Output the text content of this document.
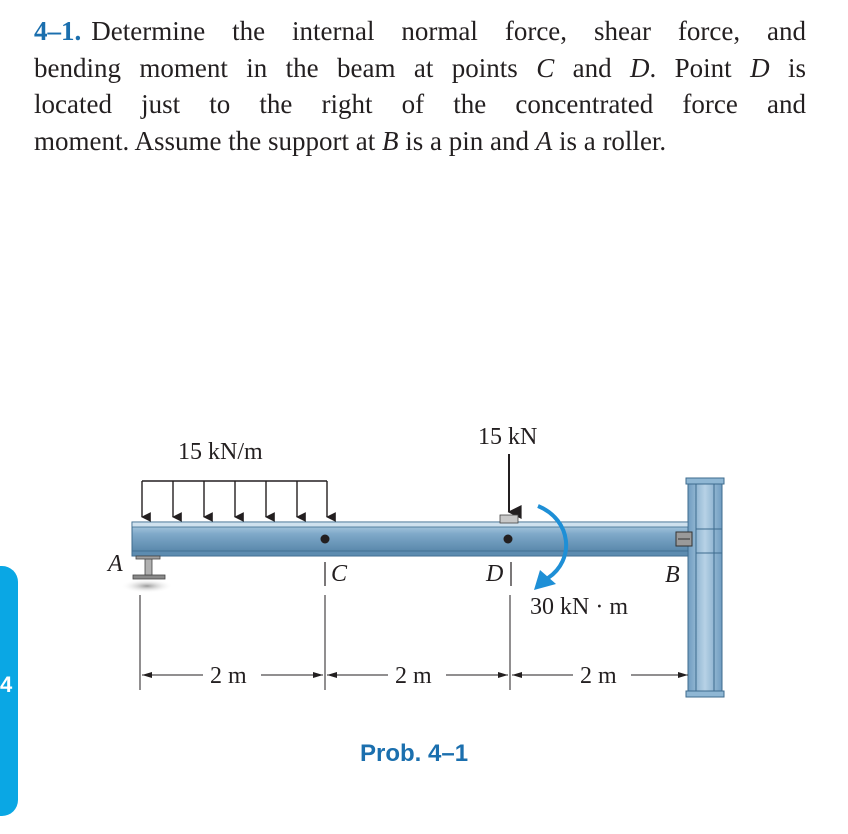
4
4–1. Determine the internal normal force, shear force, and
bending moment in the beam at points C and D. Point D is
located just to the right of the concentrated force and
moment. Assume the support at B is a pin and A is a roller.
15 kN/m
15 kN
C	D
A	B
30 kN · m
2 m	2 m	2 m
Prob. 4–1
